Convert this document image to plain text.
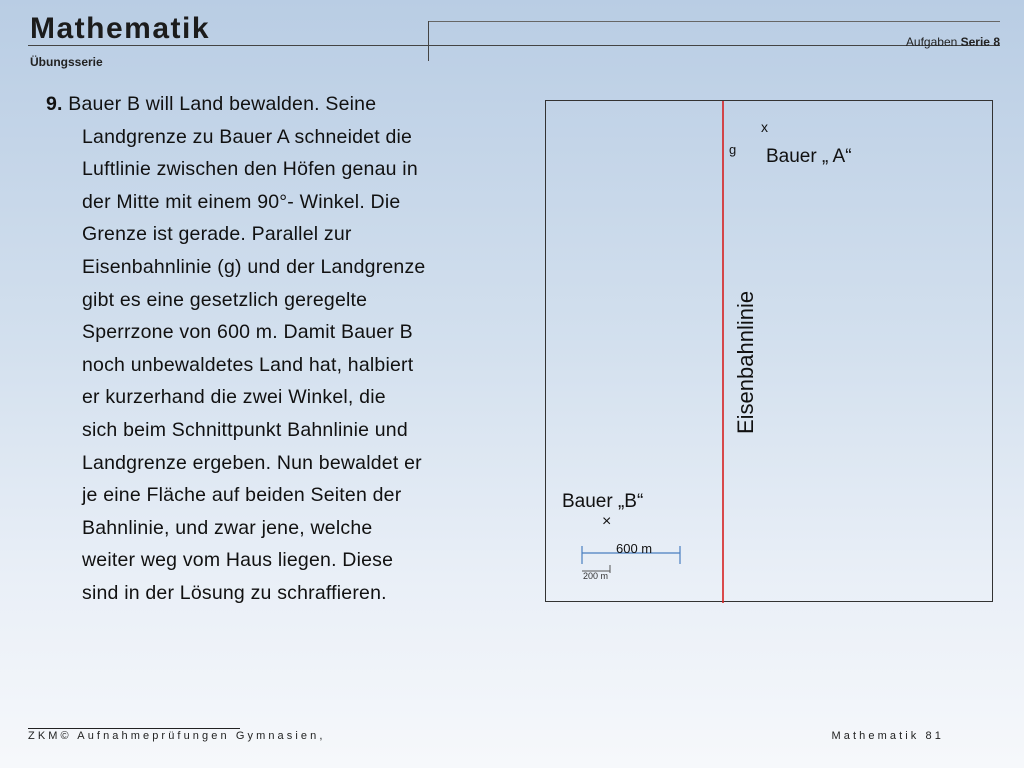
Mathematik
Übungsserie
Aufgaben Serie 8
9. Bauer B will Land bewalden. Seine
Landgrenze zu Bauer A schneidet die
Luftlinie zwischen den Höfen genau in
der Mitte mit einem 90°- Winkel. Die
Grenze ist gerade. Parallel zur
Eisenbahnlinie (g) und der Landgrenze
gibt es eine gesetzlich geregelte
Sperrzone von 600 m. Damit Bauer B
noch unbewaldetes Land hat, halbiert
er kurzerhand die zwei Winkel, die
sich beim Schnittpunkt Bahnlinie und
Landgrenze ergeben. Nun bewaldet er
je eine Fläche auf beiden Seiten der
Bahnlinie, und zwar jene, welche
weiter weg vom Haus liegen. Diese
sind in der Lösung zu schraffieren.
x
g Bauer „ A“
Eisenbahnlinie
Bauer „B“
×
600 m
200 m
ZKM© Aufnahmeprüfungen Gymnasien,	Mathematik 81
